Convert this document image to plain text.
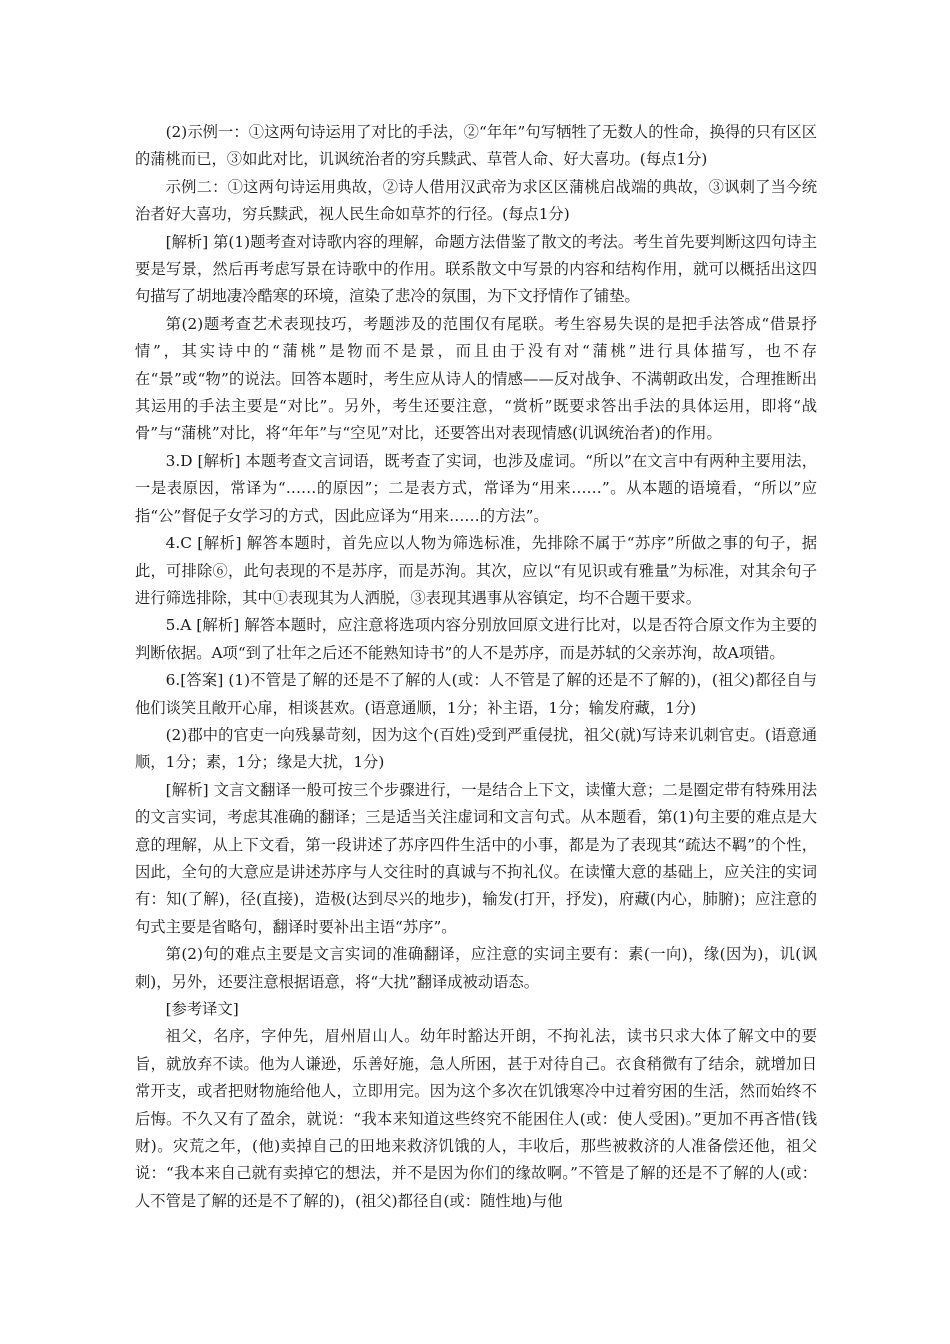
(2)示例一：①这两句诗运用了对比的手法，②“年年”句写牺牲了无数人的性命，换得的只有区区的蒲桃而已，③如此对比，讥讽统治者的穷兵黩武、草菅人命、好大喜功。(每点1分)

示例二：①这两句诗运用典故，②诗人借用汉武帝为求区区蒲桃启战端的典故，③讽刺了当今统治者好大喜功，穷兵黩武，视人民生命如草芥的行径。(每点1分)

[解析] 第(1)题考查对诗歌内容的理解，命题方法借鉴了散文的考法。考生首先要判断这四句诗主要是写景，然后再考虑写景在诗歌中的作用。联系散文中写景的内容和结构作用，就可以概括出这四句描写了胡地凄冷酷寒的环境，渲染了悲冷的氛围，为下文抒情作了铺垫。

第(2)题考查艺术表现技巧，考题涉及的范围仅有尾联。考生容易失误的是把手法答成“借景抒情”，其实诗中的“蒲桃”是物而不是景，而且由于没有对“蒲桃”进行具体描写，也不存在“景”或“物”的说法。回答本题时，考生应从诗人的情感——反对战争、不满朝政出发，合理推断出其运用的手法主要是“对比”。另外，考生还要注意，“赏析”既要求答出手法的具体运用，即将“战骨”与“蒲桃”对比，将“年年”与“空见”对比，还要答出对表现情感(讥讽统治者)的作用。

3.D [解析] 本题考查文言词语，既考查了实词，也涉及虚词。“所以”在文言中有两种主要用法，一是表原因，常译为“……的原因”；二是表方式，常译为“用来……”。从本题的语境看，“所以”应指“公”督促子女学习的方式，因此应译为“用来……的方法”。

4.C [解析] 解答本题时，首先应以人物为筛选标准，先排除不属于“苏序”所做之事的句子，据此，可排除⑥，此句表现的不是苏序，而是苏洵。其次，应以“有见识或有雅量”为标准，对其余句子进行筛选排除，其中①表现其为人洒脱，③表现其遇事从容镇定，均不合题干要求。

5.A [解析] 解答本题时，应注意将选项内容分别放回原文进行比对，以是否符合原文作为主要的判断依据。A项“到了壮年之后还不能熟知诗书”的人不是苏序，而是苏轼的父亲苏洵，故A项错。

6.[答案] (1)不管是了解的还是不了解的人(或：人不管是了解的还是不了解的)，(祖父)都径自与他们谈笑且敞开心扉，相谈甚欢。(语意通顺，1分；补主语，1分；输发府藏，1分)

(2)郡中的官吏一向残暴苛刻，因为这个(百姓)受到严重侵扰，祖父(就)写诗来讥刺官吏。(语意通顺，1分；素，1分；缘是大扰，1分)

[解析] 文言文翻译一般可按三个步骤进行，一是结合上下文，读懂大意；二是圈定带有特殊用法的文言实词，考虑其准确的翻译；三是适当关注虚词和文言句式。从本题看，第(1)句主要的难点是大意的理解，从上下文看，第一段讲述了苏序四件生活中的小事，都是为了表现其“疏达不羁”的个性，因此，全句的大意应是讲述苏序与人交往时的真诚与不拘礼仪。在读懂大意的基础上，应关注的实词有：知(了解)，径(直接)，造极(达到尽兴的地步)，输发(打开，抒发)，府藏(内心，肺腑)；应注意的句式主要是省略句，翻译时要补出主语“苏序”。

第(2)句的难点主要是文言实词的准确翻译，应注意的实词主要有：素(一向)，缘(因为)，讥(讽刺)，另外，还要注意根据语意，将“大扰”翻译成被动语态。

[参考译文]

祖父，名序，字仲先，眉州眉山人。幼年时豁达开朗，不拘礼法，读书只求大体了解文中的要旨，就放弃不读。他为人谦逊，乐善好施，急人所困，甚于对待自己。衣食稍微有了结余，就增加日常开支，或者把财物施给他人，立即用完。因为这个多次在饥饿寒冷中过着穷困的生活，然而始终不后悔。不久又有了盈余，就说：“我本来知道这些终究不能困住人(或：使人受困)。”更加不再吝惜(钱财)。灾荒之年，(他)卖掉自己的田地来救济饥饿的人，丰收后，那些被救济的人准备偿还他，祖父说：“我本来自己就有卖掉它的想法，并不是因为你们的缘故啊。”不管是了解的还是不了解的人(或：人不管是了解的还是不了解的)，(祖父)都径自(或：随性地)与他
